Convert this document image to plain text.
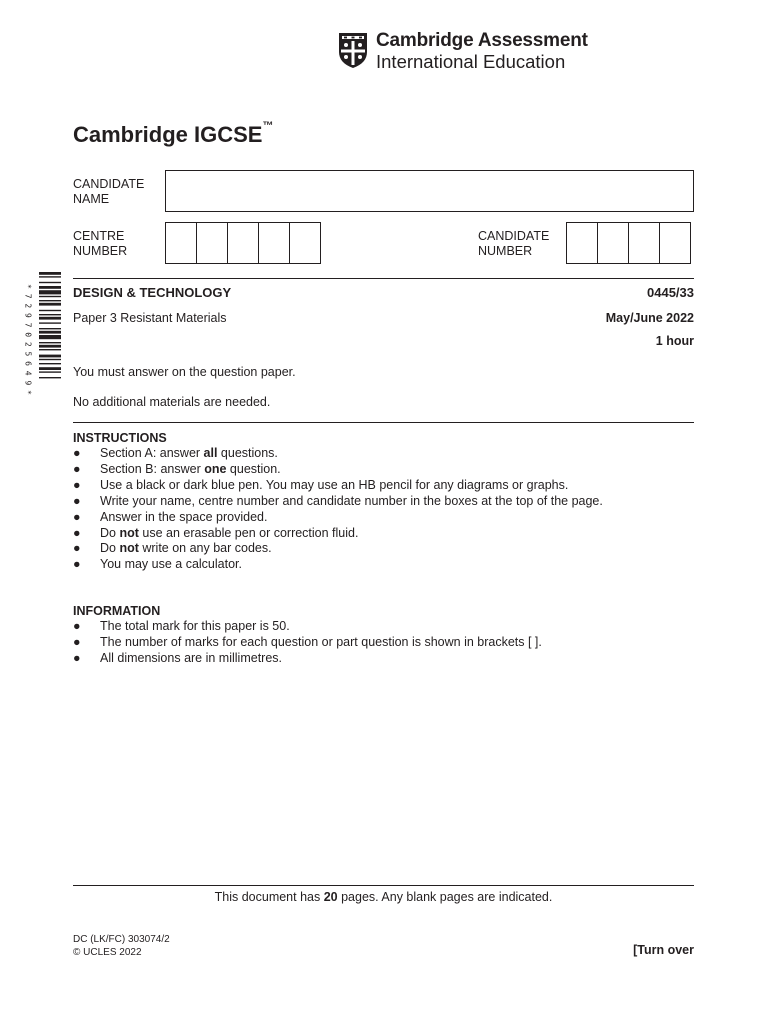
Cambridge Assessment
International Education
Cambridge IGCSE™
CANDIDATE
NAME
CENTRE
NUMBER
CANDIDATE
NUMBER
* 7 2 9 7 0 2 5 6 4 9 *	DESIGN & TECHNOLOGY	0445/33
Paper 3 Resistant Materials	May/June 2022
1 hour
You must answer on the question paper.
No additional materials are needed.
INSTRUCTIONS
● Section A: answer all questions.
● Section B: answer one question.
● Use a black or dark blue pen. You may use an HB pencil for any diagrams or graphs.
● Write your name, centre number and candidate number in the boxes at the top of the page.
● Answer in the space provided.
● Do not use an erasable pen or correction fluid.
● Do not write on any bar codes.
● You may use a calculator.
INFORMATION
● The total mark for this paper is 50.
● The number of marks for each question or part question is shown in brackets [ ].
● All dimensions are in millimetres.
This document has 20 pages. Any blank pages are indicated.
DC (LK/FC) 303074/2
© UCLES 2022	[Turn over
